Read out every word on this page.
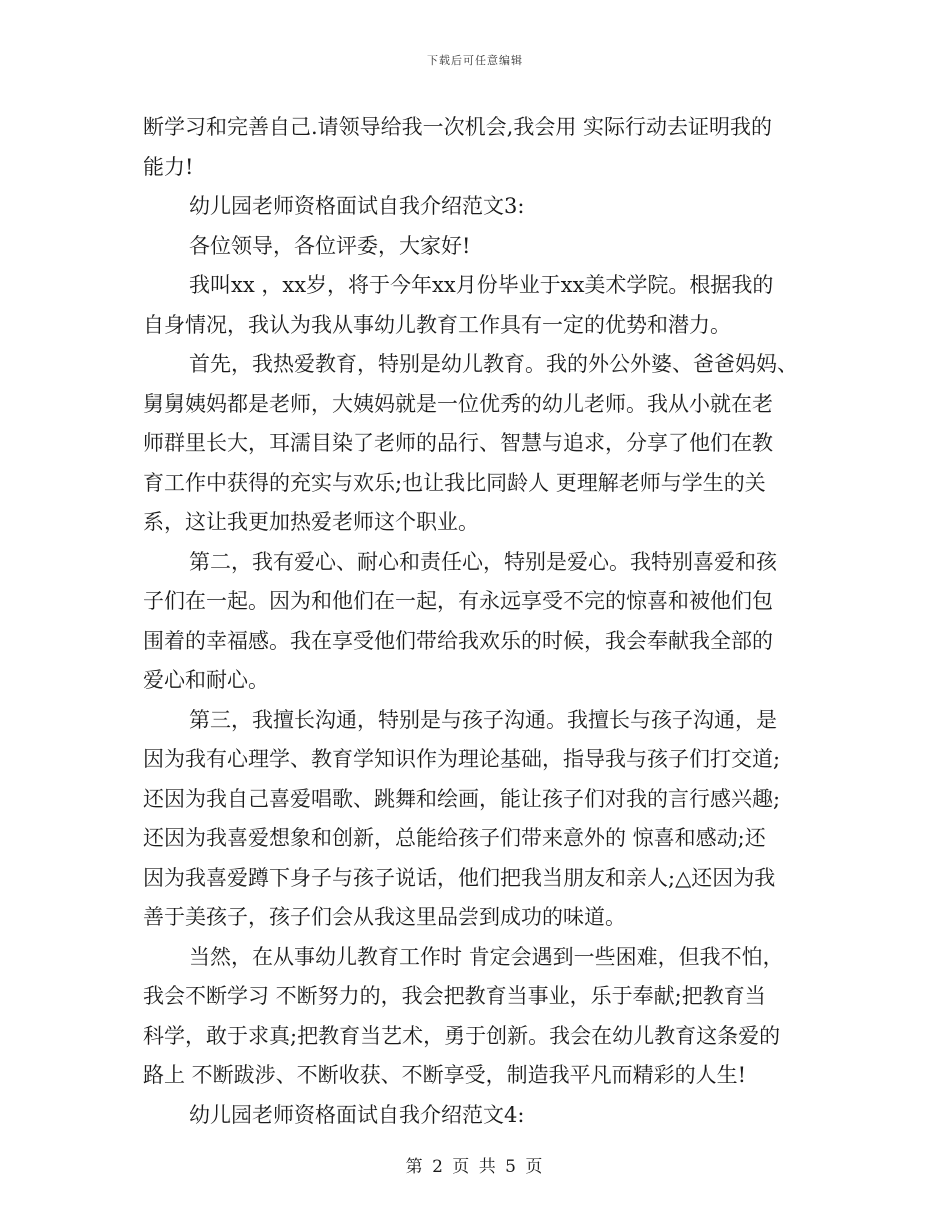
下载后可任意编辑
断学习和完善自己.请领导给我一次机会,我会用 实际行动去证明我的
能力!
幼儿园老师资格面试自我介绍范文3:
各位领导，各位评委，大家好!
我叫xx ，xx岁，将于今年xx月份毕业于xx美术学院。根据我的
自身情况，我认为我从事幼儿教育工作具有一定的优势和潜力。
首先，我热爱教育，特别是幼儿教育。我的外公外婆、爸爸妈妈、
舅舅姨妈都是老师，大姨妈就是一位优秀的幼儿老师。我从小就在老
师群里长大，耳濡目染了老师的品行、智慧与追求，分享了他们在教
育工作中获得的充实与欢乐;也让我比同龄人 更理解老师与学生的关
系，这让我更加热爱老师这个职业。
第二，我有爱心、耐心和责任心，特别是爱心。我特别喜爱和孩
子们在一起。因为和他们在一起，有永远享受不完的惊喜和被他们包
围着的幸福感。我在享受他们带给我欢乐的时候，我会奉献我全部的
爱心和耐心。
第三，我擅长沟通，特别是与孩子沟通。我擅长与孩子沟通，是
因为我有心理学、教育学知识作为理论基础，指导我与孩子们打交道;
还因为我自己喜爱唱歌、跳舞和绘画，能让孩子们对我的言行感兴趣;
还因为我喜爱想象和创新，总能给孩子们带来意外的 惊喜和感动;还
因为我喜爱蹲下身子与孩子说话，他们把我当朋友和亲人;△还因为我
善于美孩子，孩子们会从我这里品尝到成功的味道。
当然，在从事幼儿教育工作时 肯定会遇到一些困难，但我不怕，
我会不断学习 不断努力的，我会把教育当事业，乐于奉献;把教育当
科学，敢于求真;把教育当艺术，勇于创新。我会在幼儿教育这条爱的
路上 不断跋涉、不断收获、不断享受，制造我平凡而精彩的人生!
幼儿园老师资格面试自我介绍范文4:
第 2 页 共 5 页
